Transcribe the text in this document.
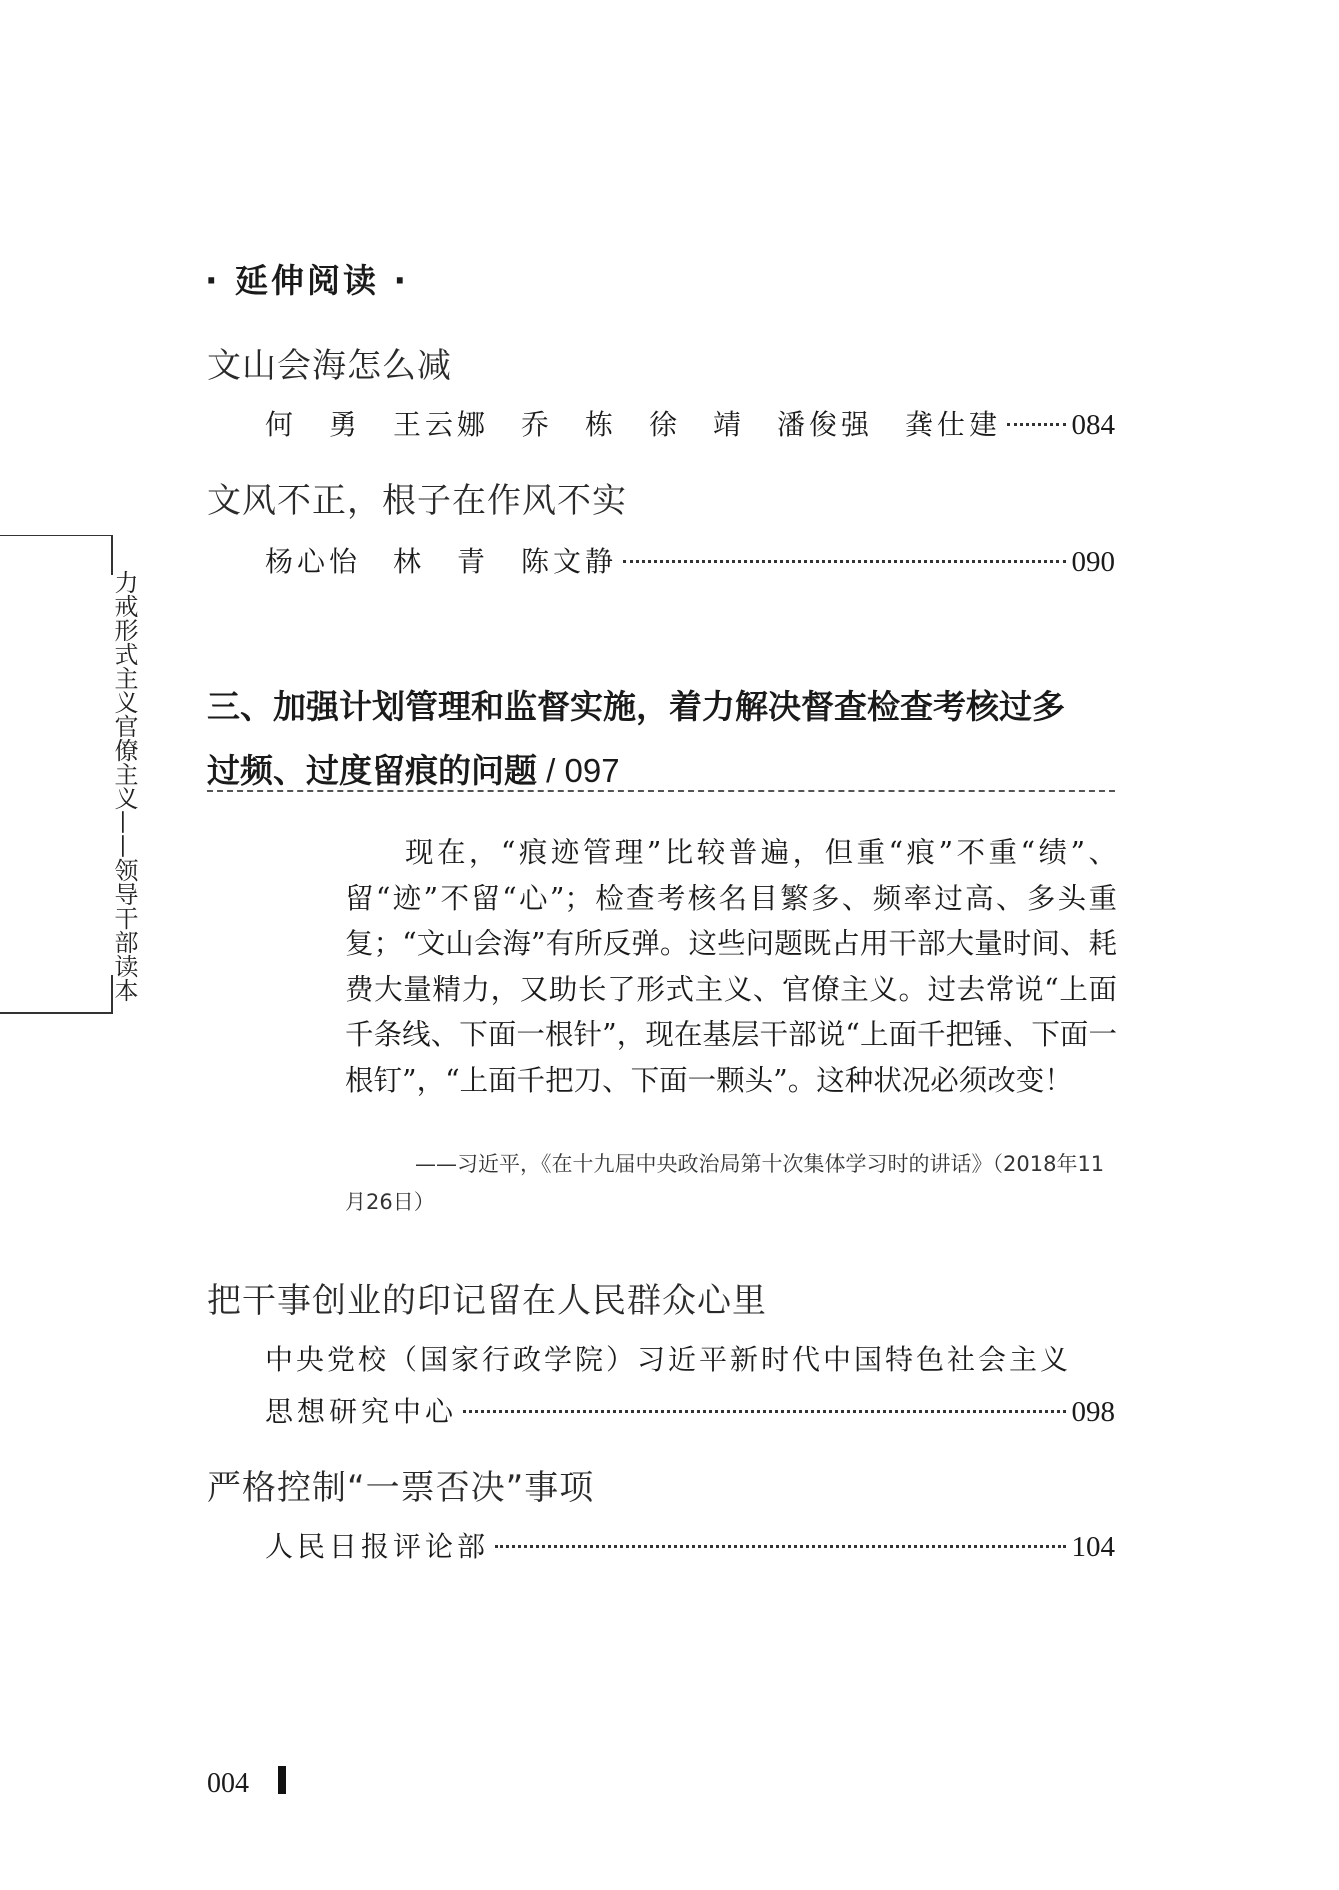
· 延伸阅读 ·
文山会海怎么减
何　勇　王云娜　乔　栋　徐　靖　潘俊强　龚仕建 084
文风不正，根子在作风不实
杨心怡　林　青　陈文静	090
力戒形式主义官僚主义——领导干部读本 三、加强计划管理和监督实施，着力解决督查检查考核过多
过频、过度留痕的问题 / 097

现在，“痕迹管理”比较普遍，但重“痕”不重“绩”、留“迹”不留“心”；检查考核名目繁多、频率过高、多头重复；“文山会海”有所反弹。这些问题既占用干部大量时间、耗费大量精力，又助长了形式主义、官僚主义。过去常说“上面千条线、下面一根针”，现在基层干部说“上面千把锤、下面一根钉”，“上面千把刀、下面一颗头”。这种状况必须改变！

——习近平，《在十九届中央政治局第十次集体学习时的讲话》（2018年11月26日）

把干事创业的印记留在人民群众心里
中央党校（国家行政学院）习近平新时代中国特色社会主义
思想研究中心	098
严格控制“一票否决”事项
人民日报评论部	104
004
